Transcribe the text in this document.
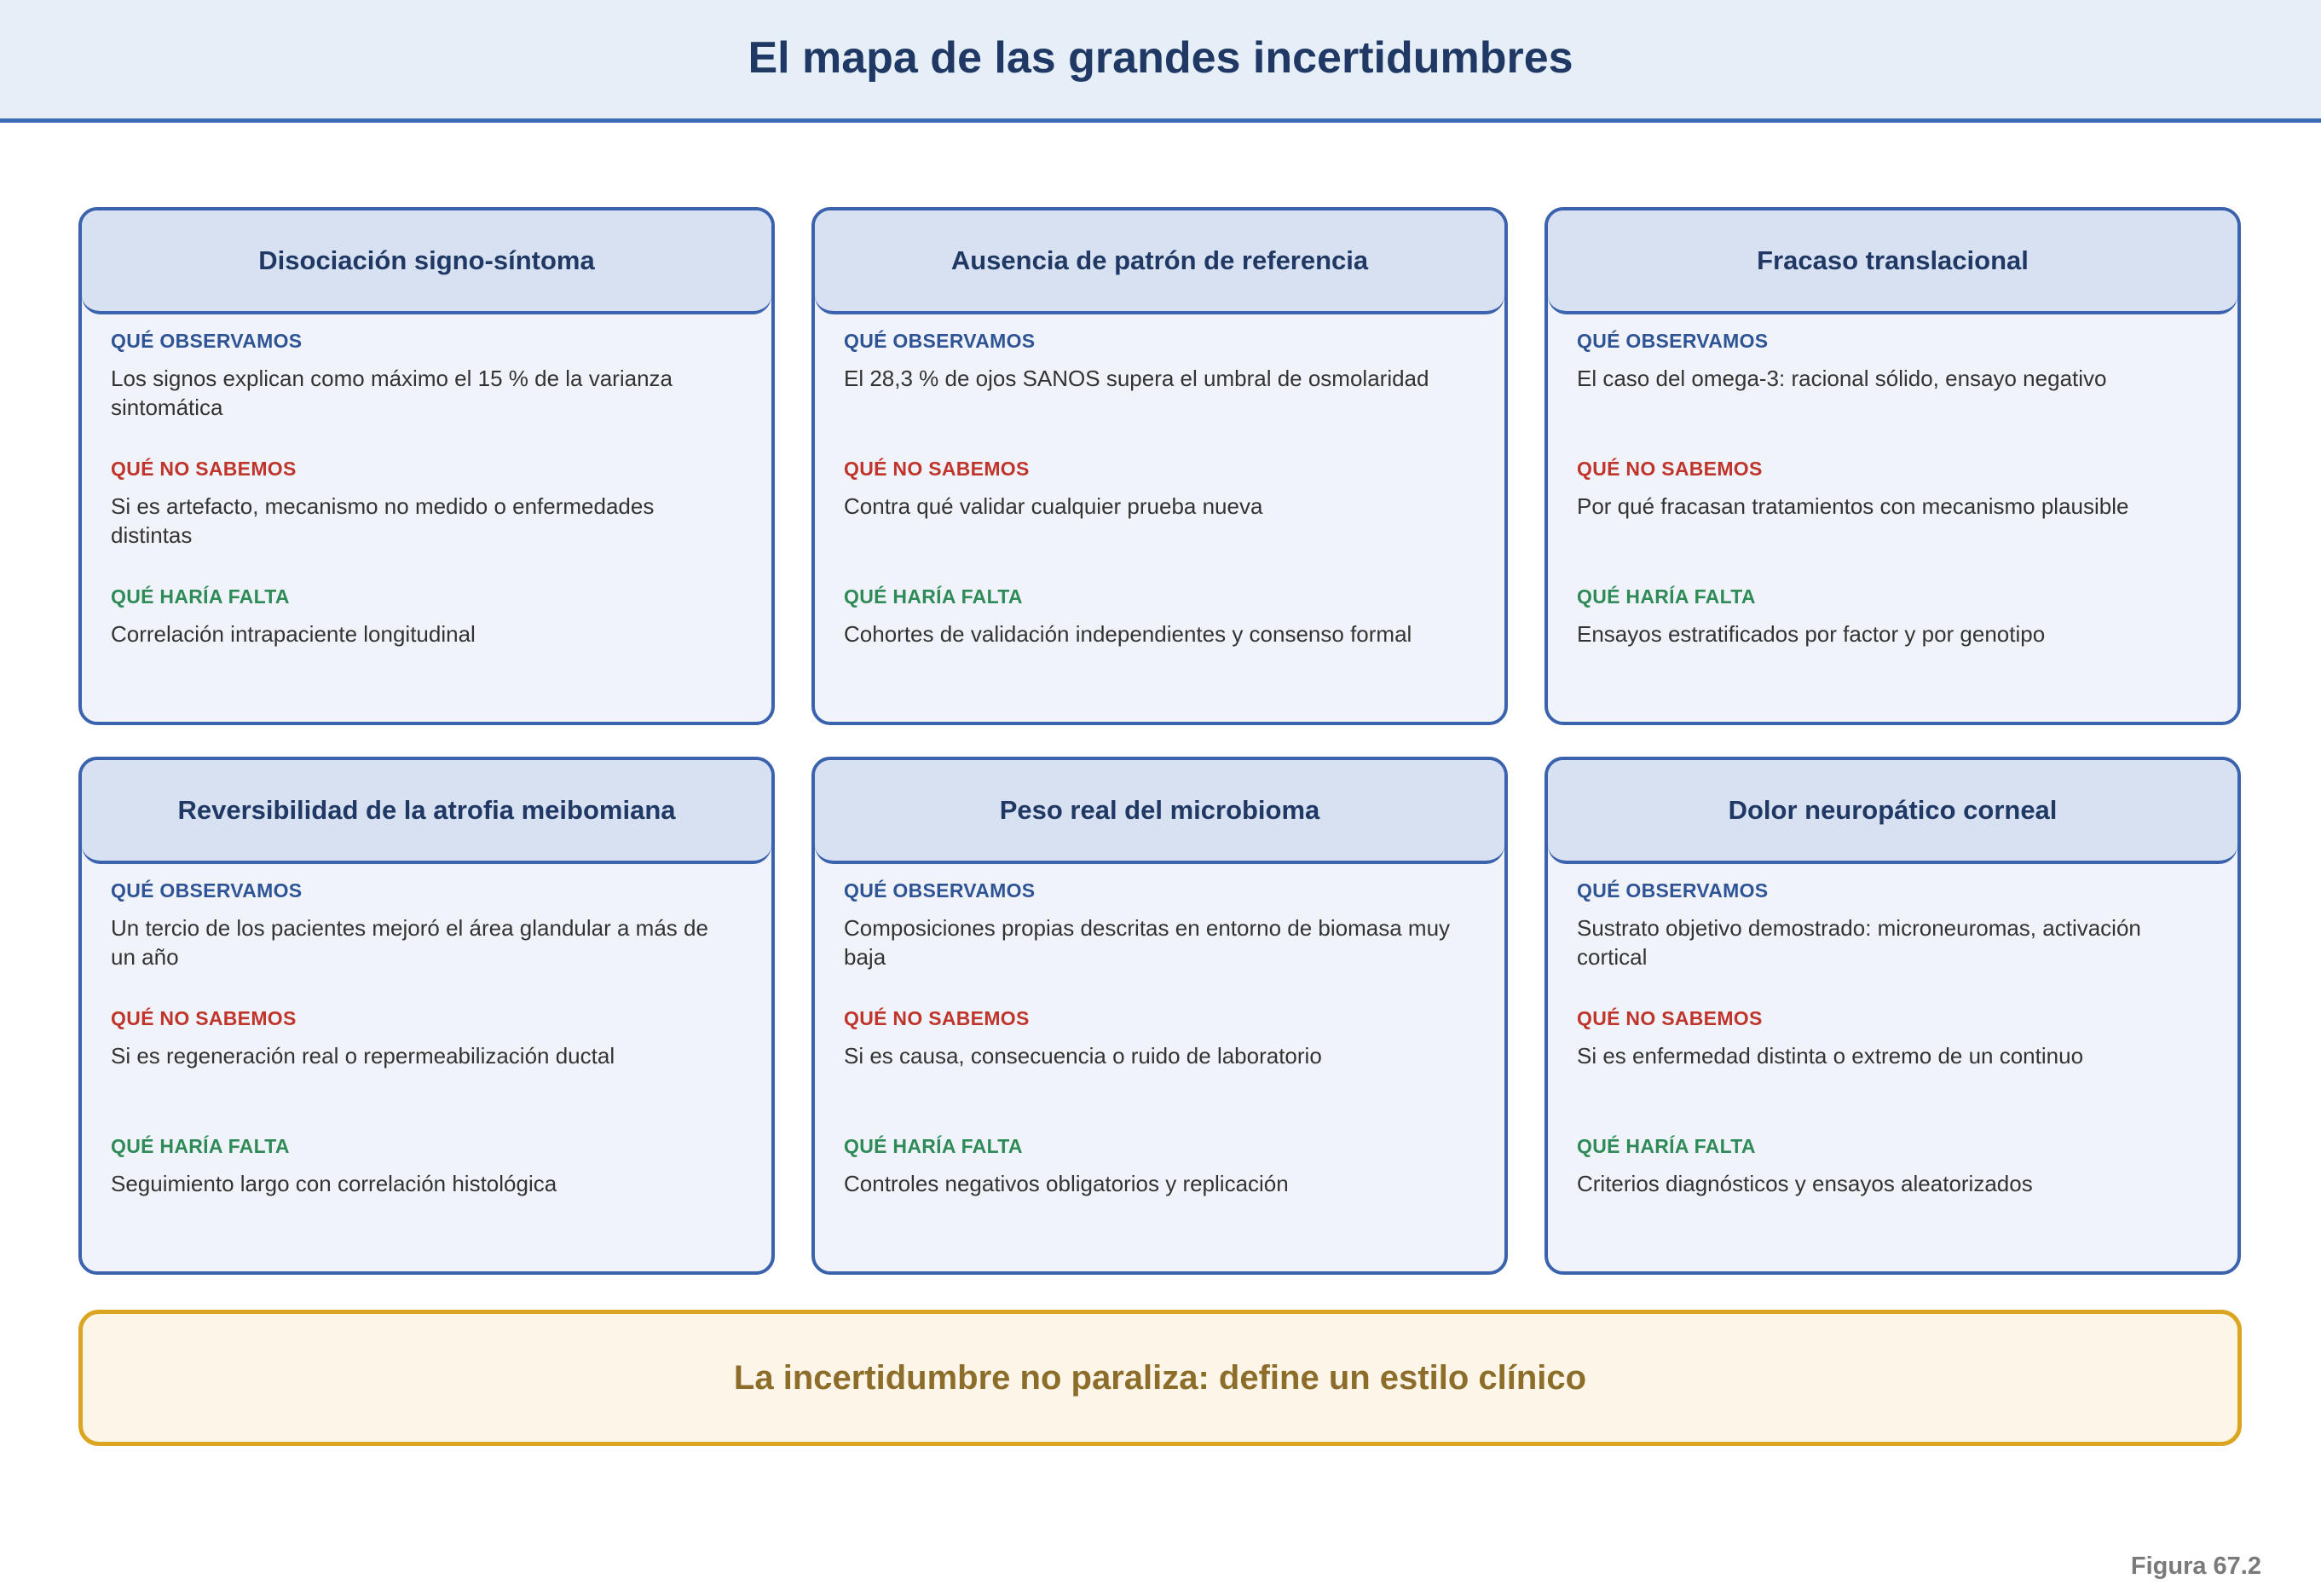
El mapa de las grandes incertidumbres
Disociación signo-síntoma
QUÉ OBSERVAMOS
Los signos explican como máximo el 15 % de la varianza sintomática
QUÉ NO SABEMOS
Si es artefacto, mecanismo no medido o enfermedades distintas
QUÉ HARÍA FALTA
Correlación intrapaciente longitudinal
Ausencia de patrón de referencia
QUÉ OBSERVAMOS
El 28,3 % de ojos SANOS supera el umbral de osmolaridad
QUÉ NO SABEMOS
Contra qué validar cualquier prueba nueva
QUÉ HARÍA FALTA
Cohortes de validación independientes y consenso formal
Fracaso translacional
QUÉ OBSERVAMOS
El caso del omega-3: racional sólido, ensayo negativo
QUÉ NO SABEMOS
Por qué fracasan tratamientos con mecanismo plausible
QUÉ HARÍA FALTA
Ensayos estratificados por factor y por genotipo
Reversibilidad de la atrofia meibomiana
QUÉ OBSERVAMOS
Un tercio de los pacientes mejoró el área glandular a más de un año
QUÉ NO SABEMOS
Si es regeneración real o repermeabilización ductal
QUÉ HARÍA FALTA
Seguimiento largo con correlación histológica
Peso real del microbioma
QUÉ OBSERVAMOS
Composiciones propias descritas en entorno de biomasa muy baja
QUÉ NO SABEMOS
Si es causa, consecuencia o ruido de laboratorio
QUÉ HARÍA FALTA
Controles negativos obligatorios y replicación
Dolor neuropático corneal
QUÉ OBSERVAMOS
Sustrato objetivo demostrado: microneuromas, activación cortical
QUÉ NO SABEMOS
Si es enfermedad distinta o extremo de un continuo
QUÉ HARÍA FALTA
Criterios diagnósticos y ensayos aleatorizados
La incertidumbre no paraliza: define un estilo clínico
Figura 67.2
